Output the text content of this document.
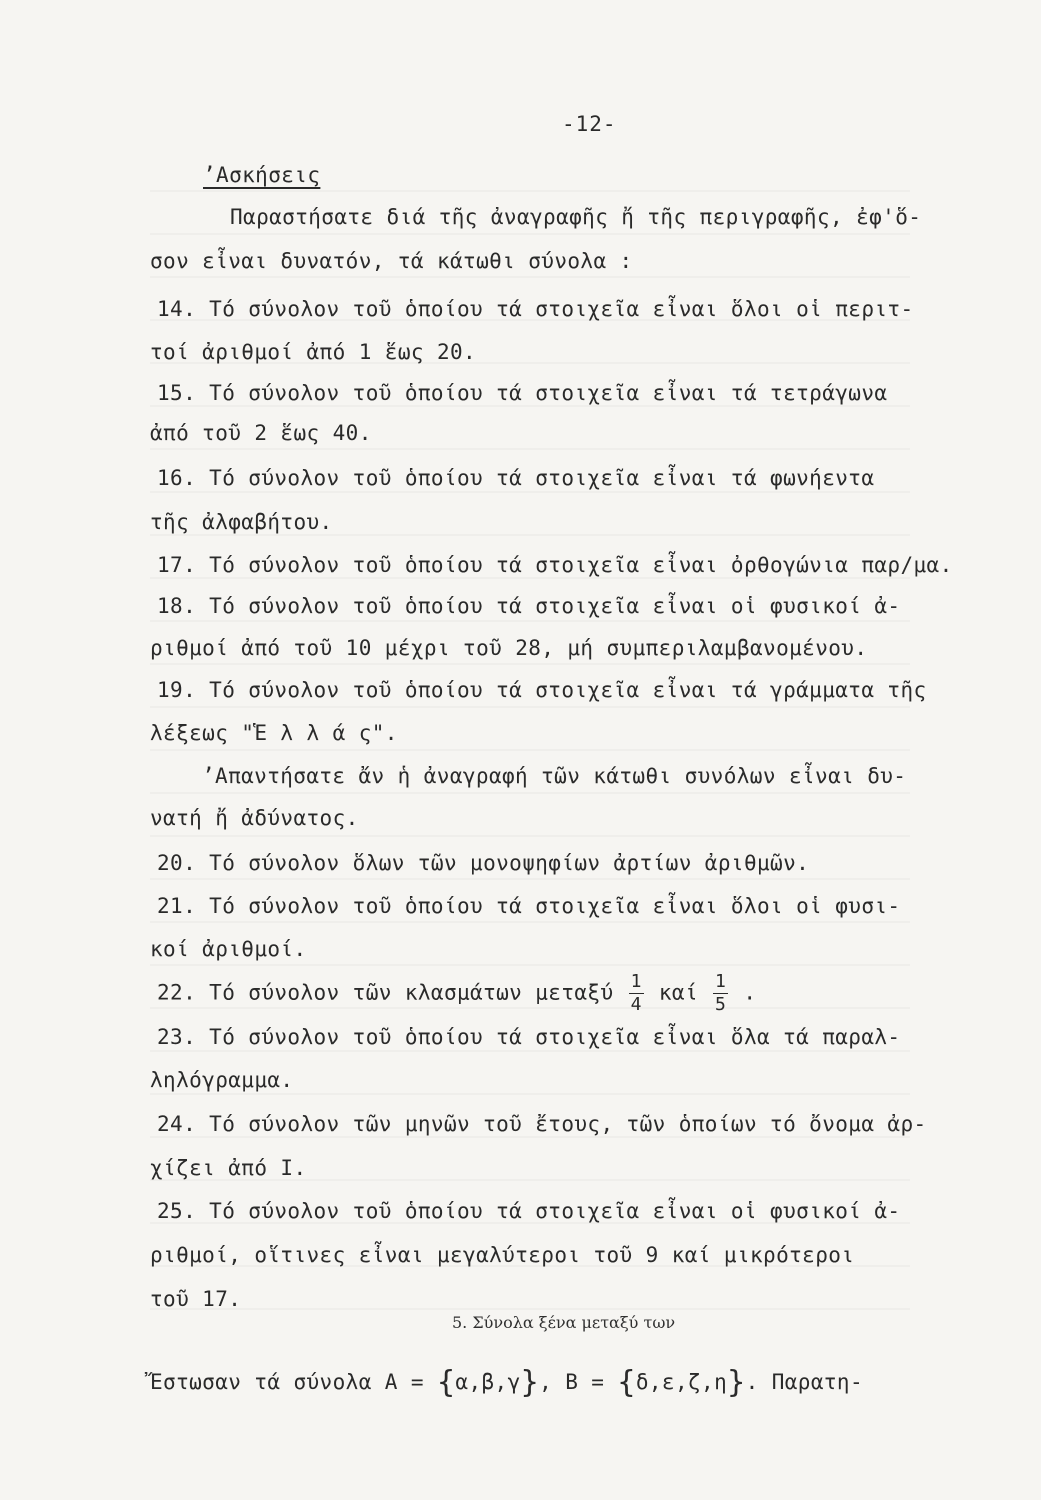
-12-
’Ασκήσεις
Παραστήσατε διά τῆς ἀναγραφῆς ἤ τῆς περιγραφῆς, ἐφ'ὅ-
σον εἶναι δυνατόν, τά κάτωθι σύνολα :
14. Τό σύνολον τοῦ ὁποίου τά στοιχεῖα εἶναι ὅλοι οἱ περιτ-
τοί ἀριθμοί ἀπό 1 ἕως 20.
15. Τό σύνολον τοῦ ὁποίου τά στοιχεῖα εἶναι τά τετράγωνα
ἀπό τοῦ 2 ἕως 40.
16. Τό σύνολον τοῦ ὁποίου τά στοιχεῖα εἶναι τά φωνήεντα
τῆς ἀλφαβήτου.
17. Τό σύνολον τοῦ ὁποίου τά στοιχεῖα εἶναι ὀρθογώνια παρ/μα.
18. Τό σύνολον τοῦ ὁποίου τά στοιχεῖα εἶναι οἱ φυσικοί ἀ-
ριθμοί ἀπό τοῦ 10 μέχρι τοῦ 28, μή συμπεριλαμβανομένου.
19. Τό σύνολον τοῦ ὁποίου τά στοιχεῖα εἶναι τά γράμματα τῆς
λέξεως "Ἑ λ λ ά ς".
’Απαντήσατε ἄν ἡ ἀναγραφή τῶν κάτωθι συνόλων εἶναι δυ-
νατή ἤ ἀδύνατος.
20. Τό σύνολον ὅλων τῶν μονοψηφίων ἀρτίων ἀριθμῶν.
21. Τό σύνολον τοῦ ὁποίου τά στοιχεῖα εἶναι ὅλοι οἱ φυσι-
κοί ἀριθμοί.
22. Τό σύνολον τῶν κλασμάτων μεταξύ $\frac{1}{4}$ καί $\frac{1}{5}$ .
23. Τό σύνολον τοῦ ὁποίου τά στοιχεῖα εἶναι ὅλα τά παραλ-
ληλόγραμμα.
24. Τό σύνολον τῶν μηνῶν τοῦ ἔτους, τῶν ὁποίων τό ὄνομα ἀρ-
χίζει ἀπό Ι.
25. Τό σύνολον τοῦ ὁποίου τά στοιχεῖα εἶναι οἱ φυσικοί ἀ-
ριθμοί, οἵτινες εἶναι μεγαλύτεροι τοῦ 9 καί μικρότεροι
τοῦ 17.
5. Σύνολα ξένα μεταξύ των
Ἔστωσαν τά σύνολα Α = {α,β,γ}, Β = {δ,ε,ζ,η}. Παρατη-
